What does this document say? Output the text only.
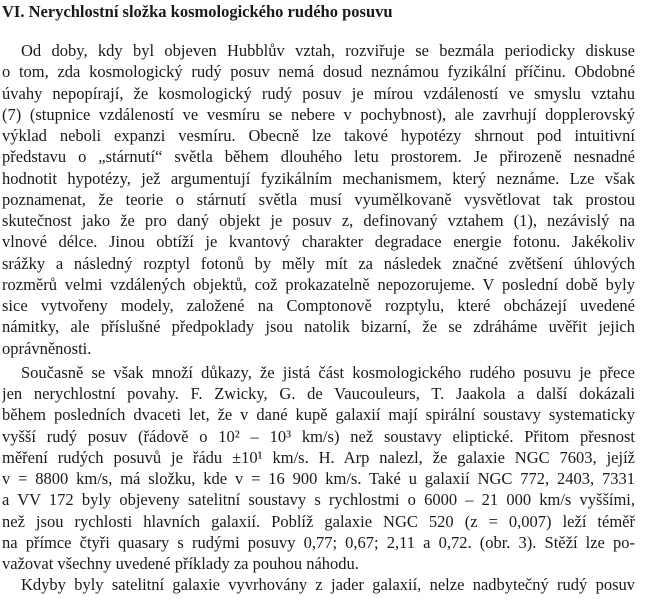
VI. Nerychlostní složka kosmologického rudého posuvu
Od doby, kdy byl objeven Hubblův vztah, rozviřuje se bezmála periodicky diskuse
o tom, zda kosmologický rudý posuv nemá dosud neznámou fyzikální příčinu. Obdobné
úvahy nepopírají, že kosmologický rudý posuv je mírou vzdáleností ve smyslu vztahu
(7) (stupnice vzdáleností ve vesmíru se nebere v pochybnost), ale zavrhují dopplerovský
výklad neboli expanzi vesmíru. Obecně lze takové hypotézy shrnout pod intuitivní
představu o „stárnutí“ světla během dlouhého letu prostorem. Je přirozeně nesnadné
hodnotit hypotézy, jež argumentují fyzikálním mechanismem, který neznáme. Lze však
poznamenat, že teorie o stárnutí světla musí vyumělkovaně vysvětlovat tak prostou
skutečnost jako že pro daný objekt je posuv z, definovaný vztahem (1), nezávislý na
vlnové délce. Jinou obtíží je kvantový charakter degradace energie fotonu. Jakékoliv
srážky a následný rozptyl fotonů by měly mít za následek značné zvětšení úhlových
rozměrů velmi vzdálených objektů, což prokazatelně nepozorujeme. V poslední době byly
sice vytvořeny modely, založené na Comptonově rozptylu, které obcházejí uvedené
námitky, ale příslušné předpoklady jsou natolik bizarní, že se zdráháme uvěřit jejich
oprávněnosti.
Současně se však množí důkazy, že jistá část kosmologického rudého posuvu je přece
jen nerychlostní povahy. F. Zwicky, G. de Vaucouleurs, T. Jaakola a další dokázali
během posledních dvaceti let, že v dané kupě galaxií mají spirální soustavy systematicky
vyšší rudý posuv (řádově o 10² – 10³ km/s) než soustavy eliptické. Přitom přesnost
měření rudých posuvů je řádu ±10¹ km/s. H. Arp nalezl, že galaxie NGC 7603, jejíž
v = 8800 km/s, má složku, kde v = 16 900 km/s. Také u galaxií NGC 772, 2403, 7331
a VV 172 byly objeveny satelitní soustavy s rychlostmi o 6000 – 21 000 km/s vyššími,
než jsou rychlosti hlavních galaxií. Poblíž galaxie NGC 520 (z = 0,007) leží téměř
na přímce čtyři quasary s rudými posuvy 0,77; 0,67; 2,11 a 0,72. (obr. 3). Stěží lze po-
važovat všechny uvedené příklady za pouhou náhodu.
Kdyby byly satelitní galaxie vyvrhovány z jader galaxií, nelze nadbytečný rudý posuv
